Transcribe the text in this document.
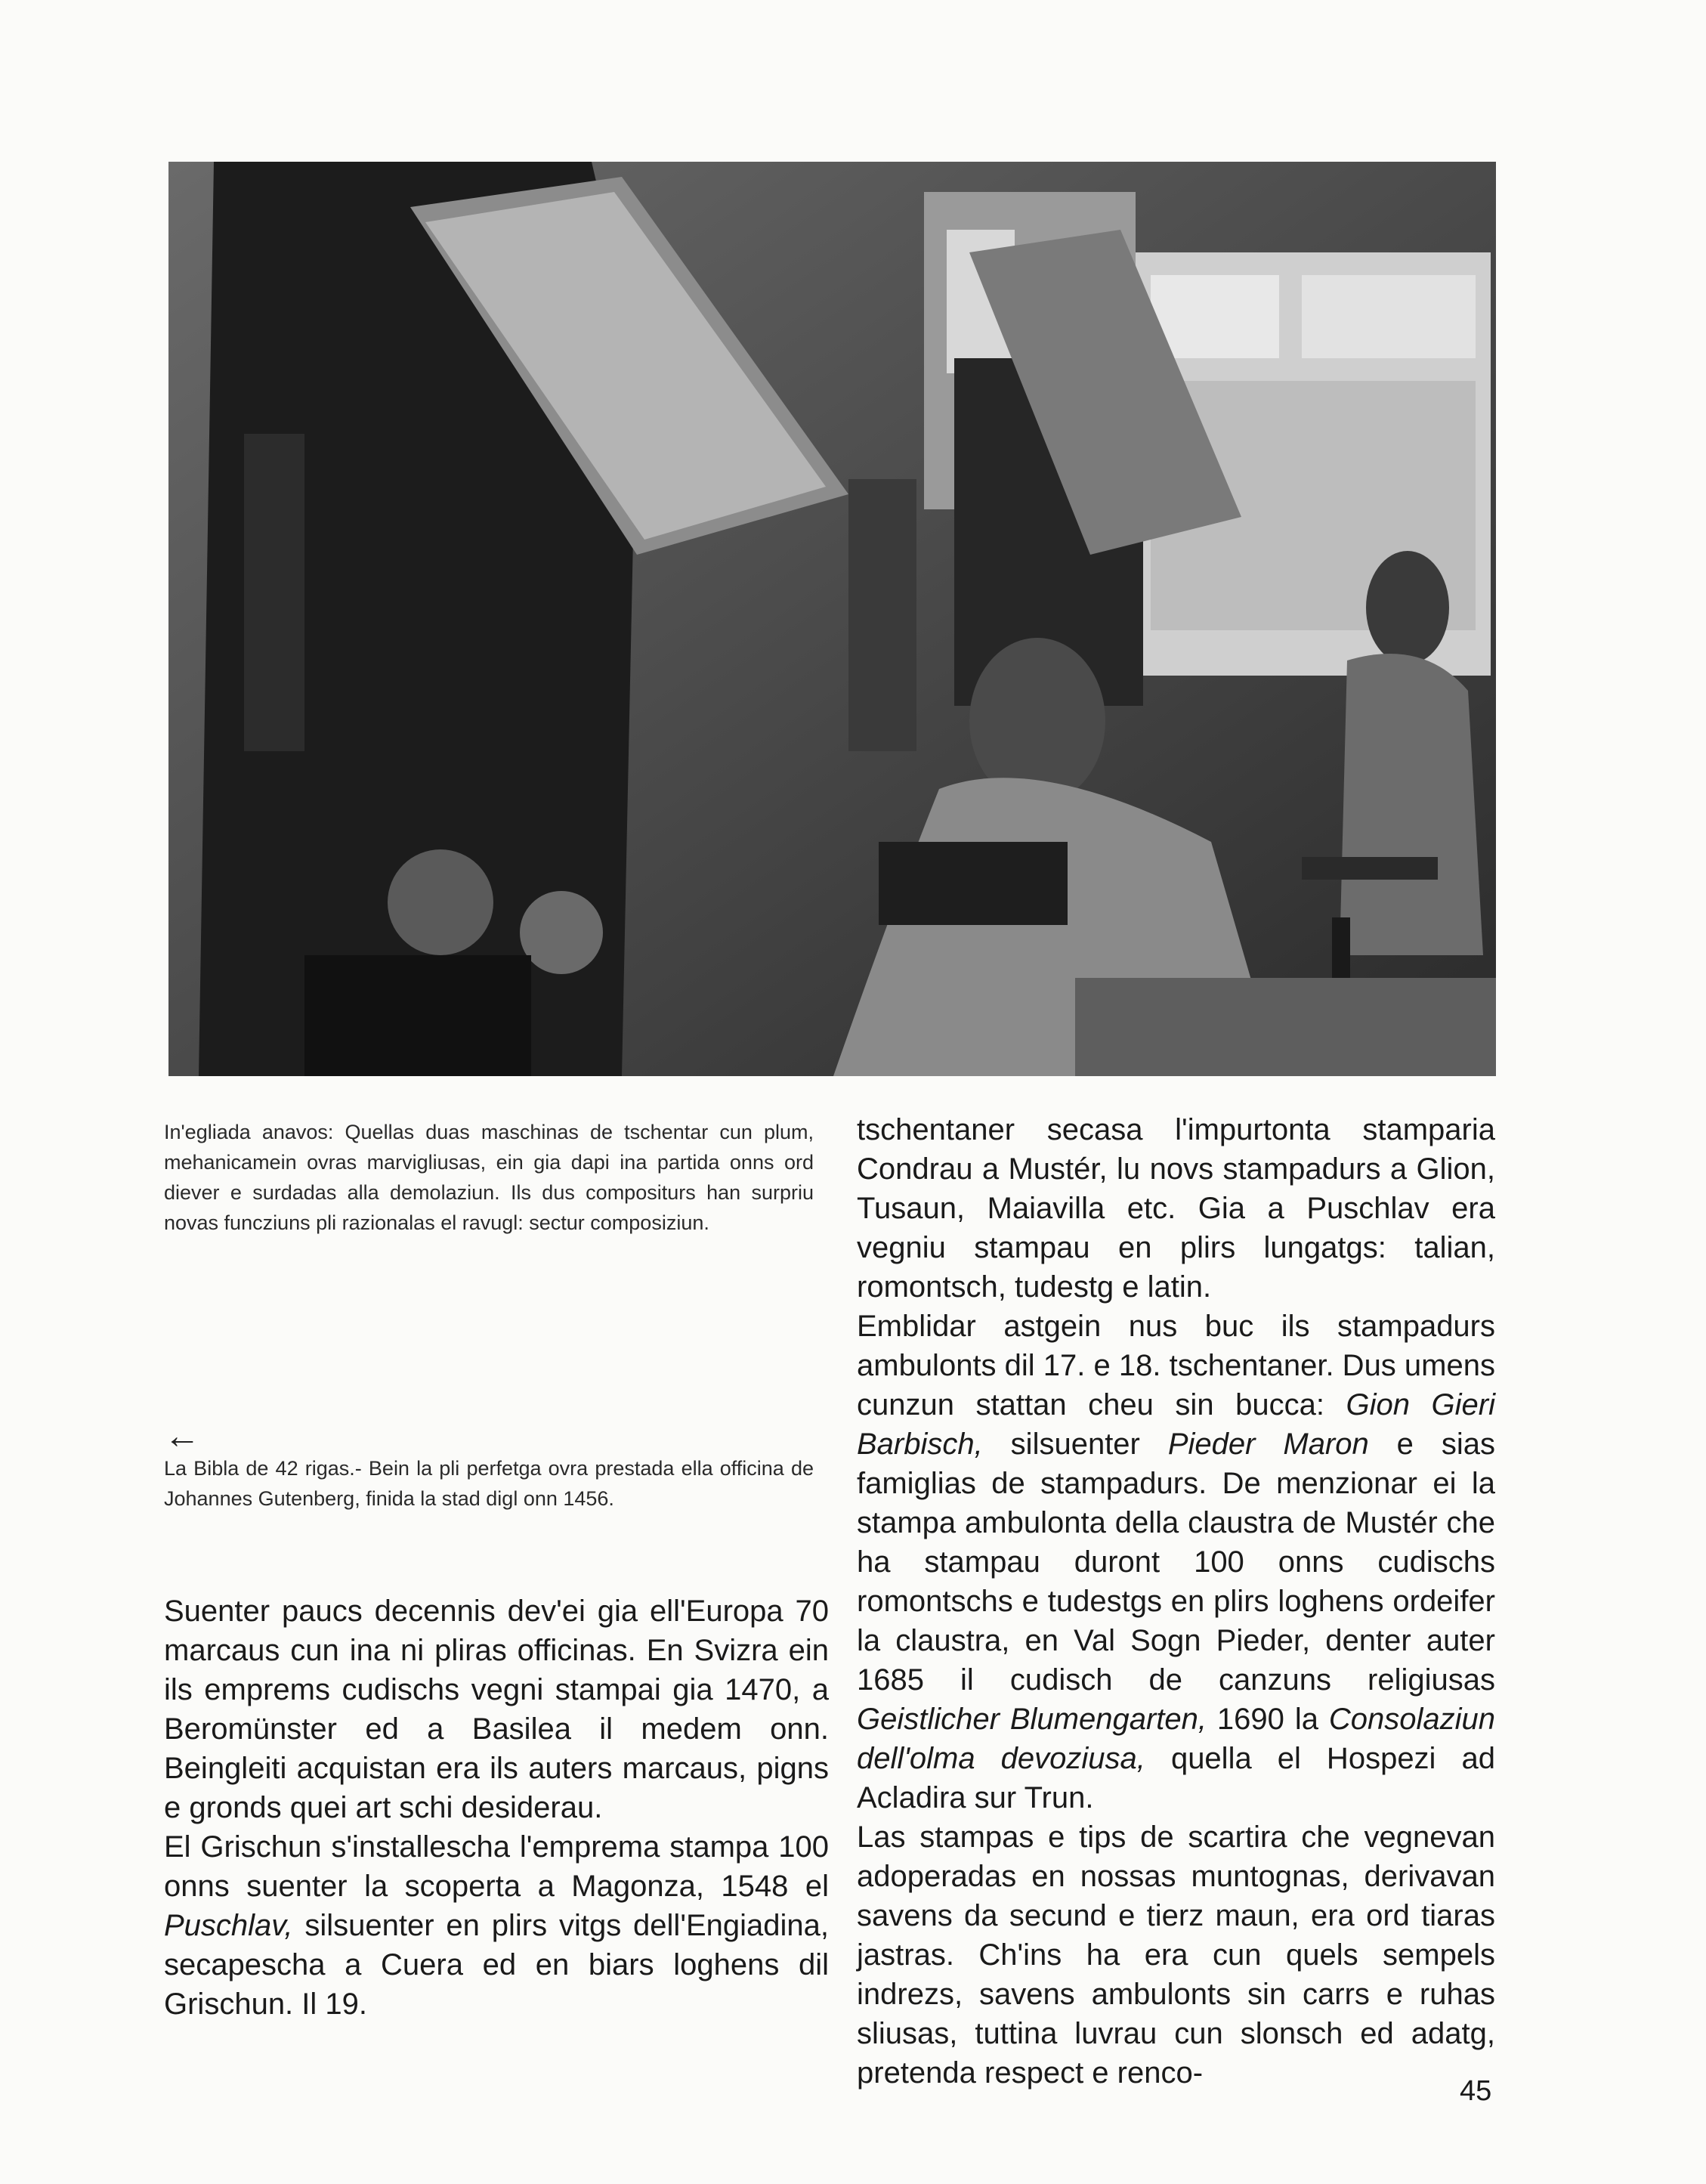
In'egliada anavos: Quellas duas maschinas de tschentar cun plum, mehanicamein ovras marvigliusas, ein gia dapi ina partida onns ord diever e surdadas alla demolaziun. Ils dus compositurs han surpriu novas funcziuns pli razionalas el ravugl: sectur composiziun.
←
La Bibla de 42 rigas.- Bein la pli perfetga ovra prestada ella officina de Johannes Gutenberg, finida la stad digl onn 1456.

Suenter paucs decennis dev'ei gia ell'Europa 70 marcaus cun ina ni pliras officinas. En Svizra ein ils emprems cudischs vegni stampai gia 1470, a Beromünster ed a Basilea il medem onn. Beingleiti acquistan era ils auters marcaus, pigns e gronds quei art schi desiderau.

El Grischun s'installescha l'emprema stampa 100 onns suenter la scoperta a Magonza, 1548 el Puschlav, silsuenter en plirs vitgs dell'Engiadina, secapescha a Cuera ed en biars loghens dil Grischun. Il 19.

tschentaner secasa l'impurtonta stamparia Condrau a Mustér, lu novs stampadurs a Glion, Tusaun, Maiavilla etc. Gia a Puschlav era vegniu stampau en plirs lungatgs: talian, romontsch, tudestg e latin.

Emblidar astgein nus buc ils stampadurs ambulonts dil 17. e 18. tschentaner. Dus umens cunzun stattan cheu sin bucca: Gion Gieri Barbisch, silsuenter Pieder Maron e sias famiglias de stampadurs. De menzionar ei la stampa ambulonta della claustra de Mustér che ha stampau duront 100 onns cudischs romontschs e tudestgs en plirs loghens ordeifer la claustra, en Val Sogn Pieder, denter auter 1685 il cudisch de canzuns religiusas Geistlicher Blumengarten, 1690 la Consolaziun dell'olma devoziusa, quella el Hospezi ad Acladira sur Trun.

Las stampas e tips de scartira che vegnevan adoperadas en nossas muntognas, derivavan savens da secund e tierz maun, era ord tiaras jastras. Ch'ins ha era cun quels sempels indrezs, savens ambulonts sin carrs e ruhas sliusas, tuttina luvrau cun slonsch ed adatg, pretenda respect e renco-

45
